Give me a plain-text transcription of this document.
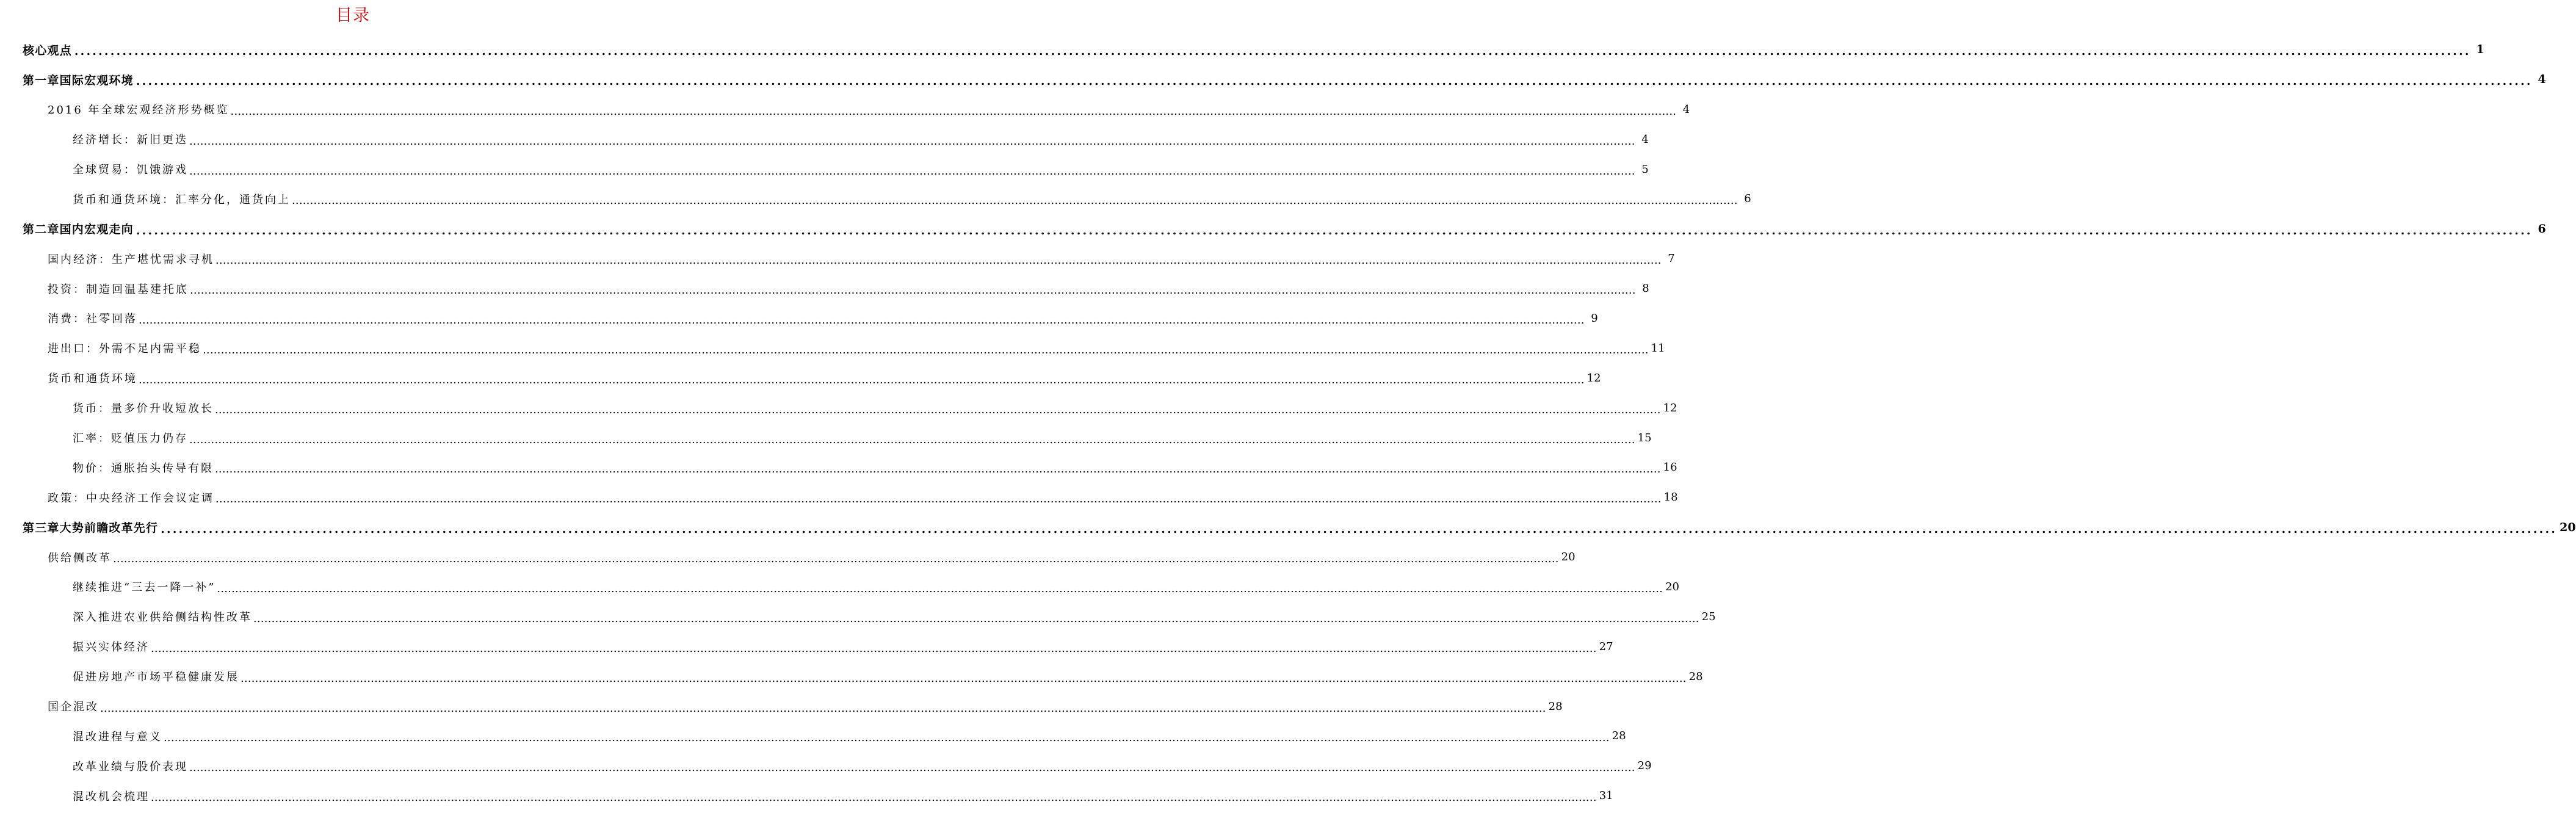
目录
核心观点 ................................................................................................................................................................................................................................................................................................................................................................................................................ 1
第一章国际宏观环境 ................................................................................................................................................................................................................................................................................................................................................................................................................ 4
2016 年全球宏观经济形势概览 ................................................................................................................................................................................................................................................................................................................................................................................................................ 4
经济增长：新旧更迭 ................................................................................................................................................................................................................................................................................................................................................................................................................ 4
全球贸易：饥饿游戏 ................................................................................................................................................................................................................................................................................................................................................................................................................ 5
货币和通货环境：汇率分化，通货向上 ................................................................................................................................................................................................................................................................................................................................................................................................................ 6
第二章国内宏观走向 ................................................................................................................................................................................................................................................................................................................................................................................................................ 6
国内经济：生产堪忧需求寻机 ................................................................................................................................................................................................................................................................................................................................................................................................................ 7
投资：制造回温基建托底 ................................................................................................................................................................................................................................................................................................................................................................................................................ 8
消费：社零回落 ................................................................................................................................................................................................................................................................................................................................................................................................................ 9
进出口：外需不足内需平稳 ................................................................................................................................................................................................................................................................................................................................................................................................................ 11
货币和通货环境 ................................................................................................................................................................................................................................................................................................................................................................................................................ 12
货币：量多价升收短放长 ................................................................................................................................................................................................................................................................................................................................................................................................................ 12
汇率：贬值压力仍存 ................................................................................................................................................................................................................................................................................................................................................................................................................ 15
物价：通胀抬头传导有限 ................................................................................................................................................................................................................................................................................................................................................................................................................ 16
政策：中央经济工作会议定调 ................................................................................................................................................................................................................................................................................................................................................................................................................ 18
第三章大势前瞻改革先行 ................................................................................................................................................................................................................................................................................................................................................................................................................ 20
供给侧改革 ................................................................................................................................................................................................................................................................................................................................................................................................................ 20
继续推进“三去一降一补” ................................................................................................................................................................................................................................................................................................................................................................................................................ 20
深入推进农业供给侧结构性改革 ................................................................................................................................................................................................................................................................................................................................................................................................................ 25
振兴实体经济 ................................................................................................................................................................................................................................................................................................................................................................................................................ 27
促进房地产市场平稳健康发展 ................................................................................................................................................................................................................................................................................................................................................................................................................ 28
国企混改 ................................................................................................................................................................................................................................................................................................................................................................................................................ 28
混改进程与意义 ................................................................................................................................................................................................................................................................................................................................................................................................................ 28
改革业绩与股价表现 ................................................................................................................................................................................................................................................................................................................................................................................................................ 29
混改机会梳理 ................................................................................................................................................................................................................................................................................................................................................................................................................ 31
